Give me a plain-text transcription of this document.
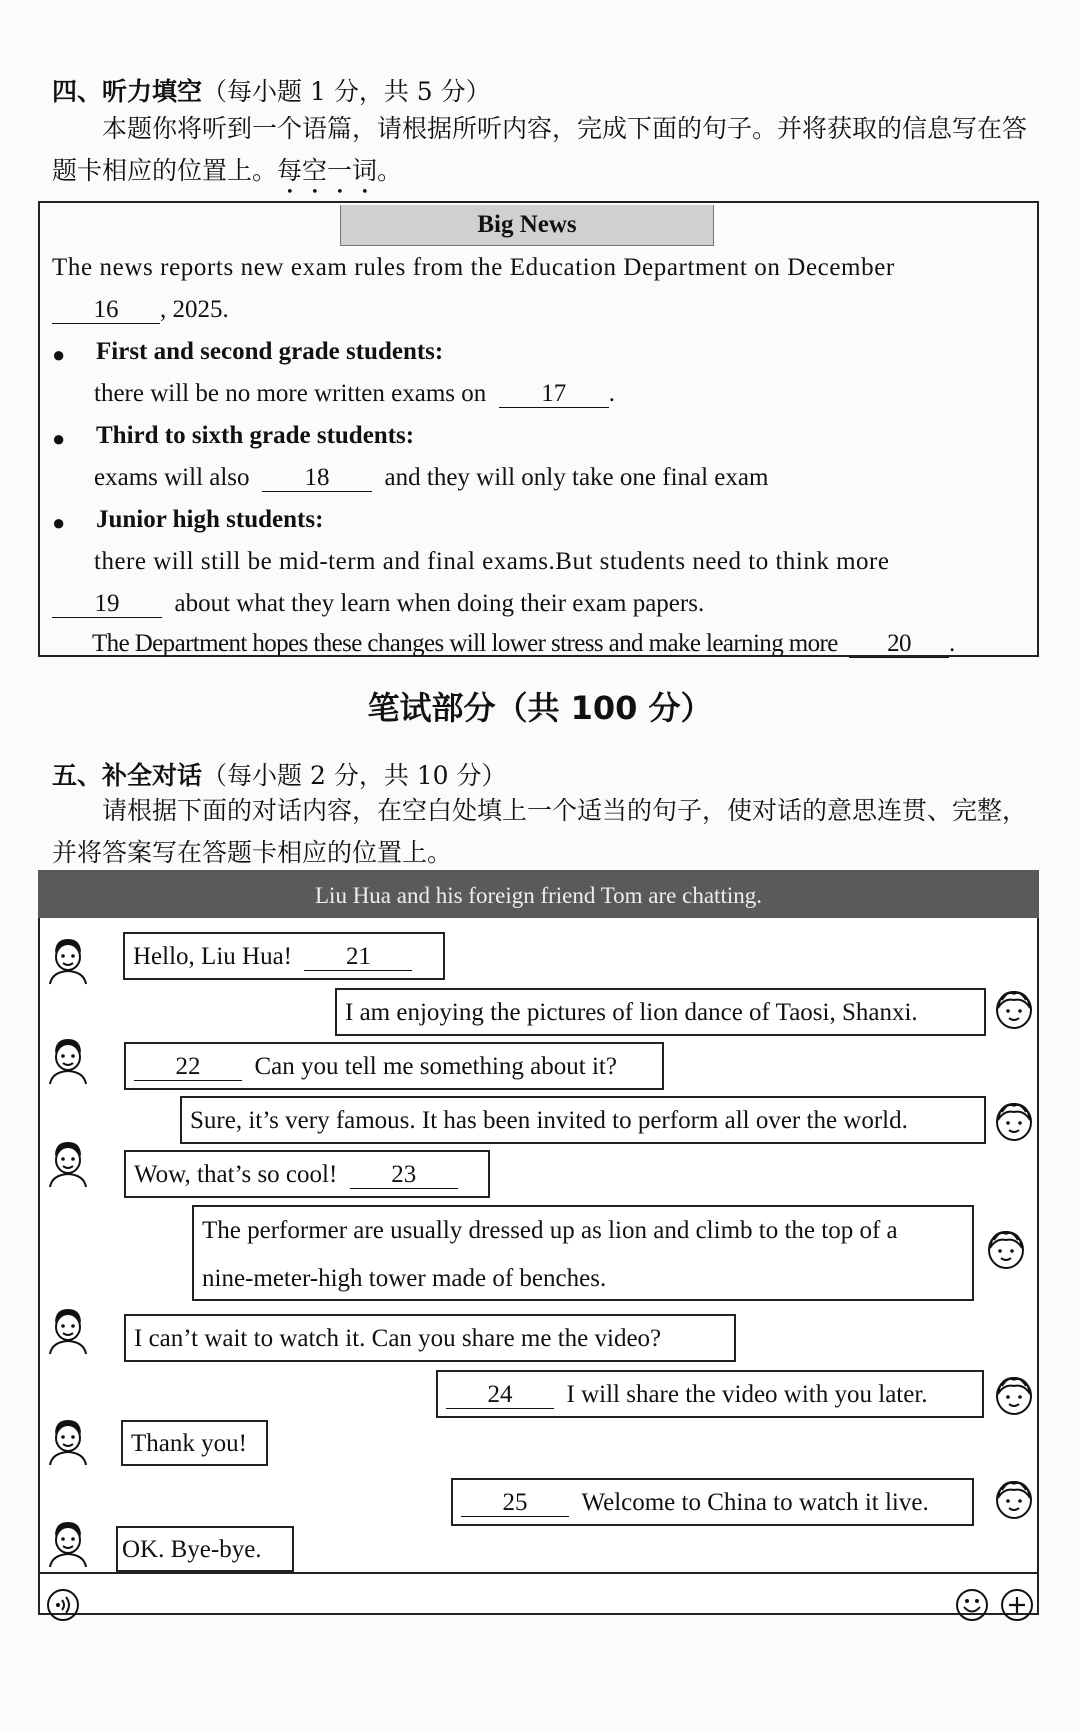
四、听力填空（每小题 1 分，共 5 分）
本题你将听到一个语篇，请根据所听内容，完成下面的句子。并将获取的信息写在答题卡相应的位置上。每空一词。
Big News
The news reports new exam rules from the Education Department on December
16 , 2025.
● First and second grade students:
there will be no more written exams on 17 .
● Third to sixth grade students:
exams will also 18 and they will only take one final exam
● Junior high students:
there will still be mid-term and final exams.But students need to think more
19 about what they learn when doing their exam papers.
The Department hopes these changes will lower stress and make learning more 20 .
笔试部分（共 100 分）
五、补全对话（每小题 2 分，共 10 分）
请根据下面的对话内容，在空白处填上一个适当的句子，使对话的意思连贯、完整，并将答案写在答题卡相应的位置上。
Liu Hua and his foreign friend Tom are chatting.
Hello, Liu Hua! 21
I am enjoying the pictures of lion dance of Taosi, Shanxi.
22 Can you tell me something about it?
Sure, it’s very famous. It has been invited to perform all over the world.
Wow, that’s so cool! 23
The performer are usually dressed up as lion and climb to the top of a
nine-meter-high tower made of benches.
I can’t wait to watch it. Can you share me the video?
24 I will share the video with you later.
Thank you!
25 Welcome to China to watch it live.
OK. Bye-bye.
